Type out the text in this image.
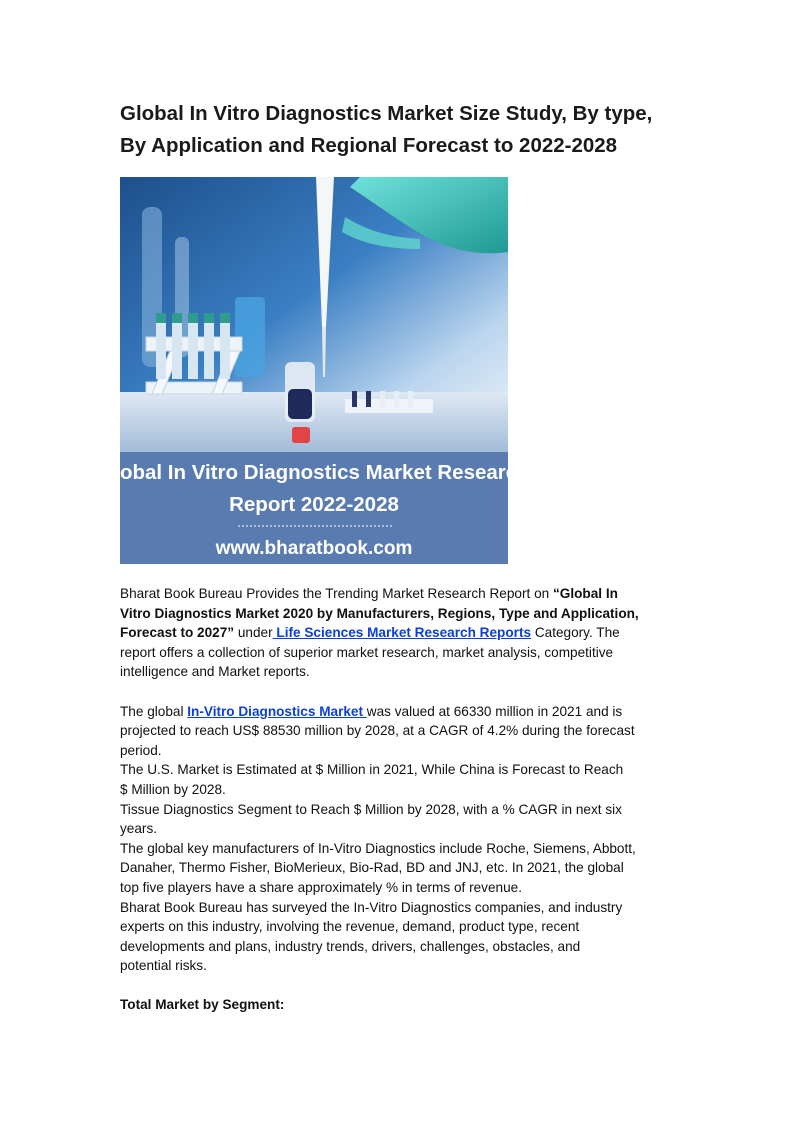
Global In Vitro Diagnostics Market Size Study, By type,
By Application and Regional Forecast to 2022-2028
Global In Vitro Diagnostics Market Research
Report 2022-2028
www.bharatbook.com

Bharat Book Bureau Provides the Trending Market Research Report on “Global In
Vitro Diagnostics Market 2020 by Manufacturers, Regions, Type and Application,
Forecast to 2027” under Life Sciences Market Research Reports Category. The
report offers a collection of superior market research, market analysis, competitive
intelligence and Market reports.

The global In-Vitro Diagnostics Market was valued at 66330 million in 2021 and is
projected to reach US$ 88530 million by 2028, at a CAGR of 4.2% during the forecast
period.
The U.S. Market is Estimated at $ Million in 2021, While China is Forecast to Reach
$ Million by 2028.
Tissue Diagnostics Segment to Reach $ Million by 2028, with a % CAGR in next six
years.
The global key manufacturers of In-Vitro Diagnostics include Roche, Siemens, Abbott,
Danaher, Thermo Fisher, BioMerieux, Bio-Rad, BD and JNJ, etc. In 2021, the global
top five players have a share approximately % in terms of revenue.
Bharat Book Bureau has surveyed the In-Vitro Diagnostics companies, and industry
experts on this industry, involving the revenue, demand, product type, recent
developments and plans, industry trends, drivers, challenges, obstacles, and
potential risks.

Total Market by Segment:
